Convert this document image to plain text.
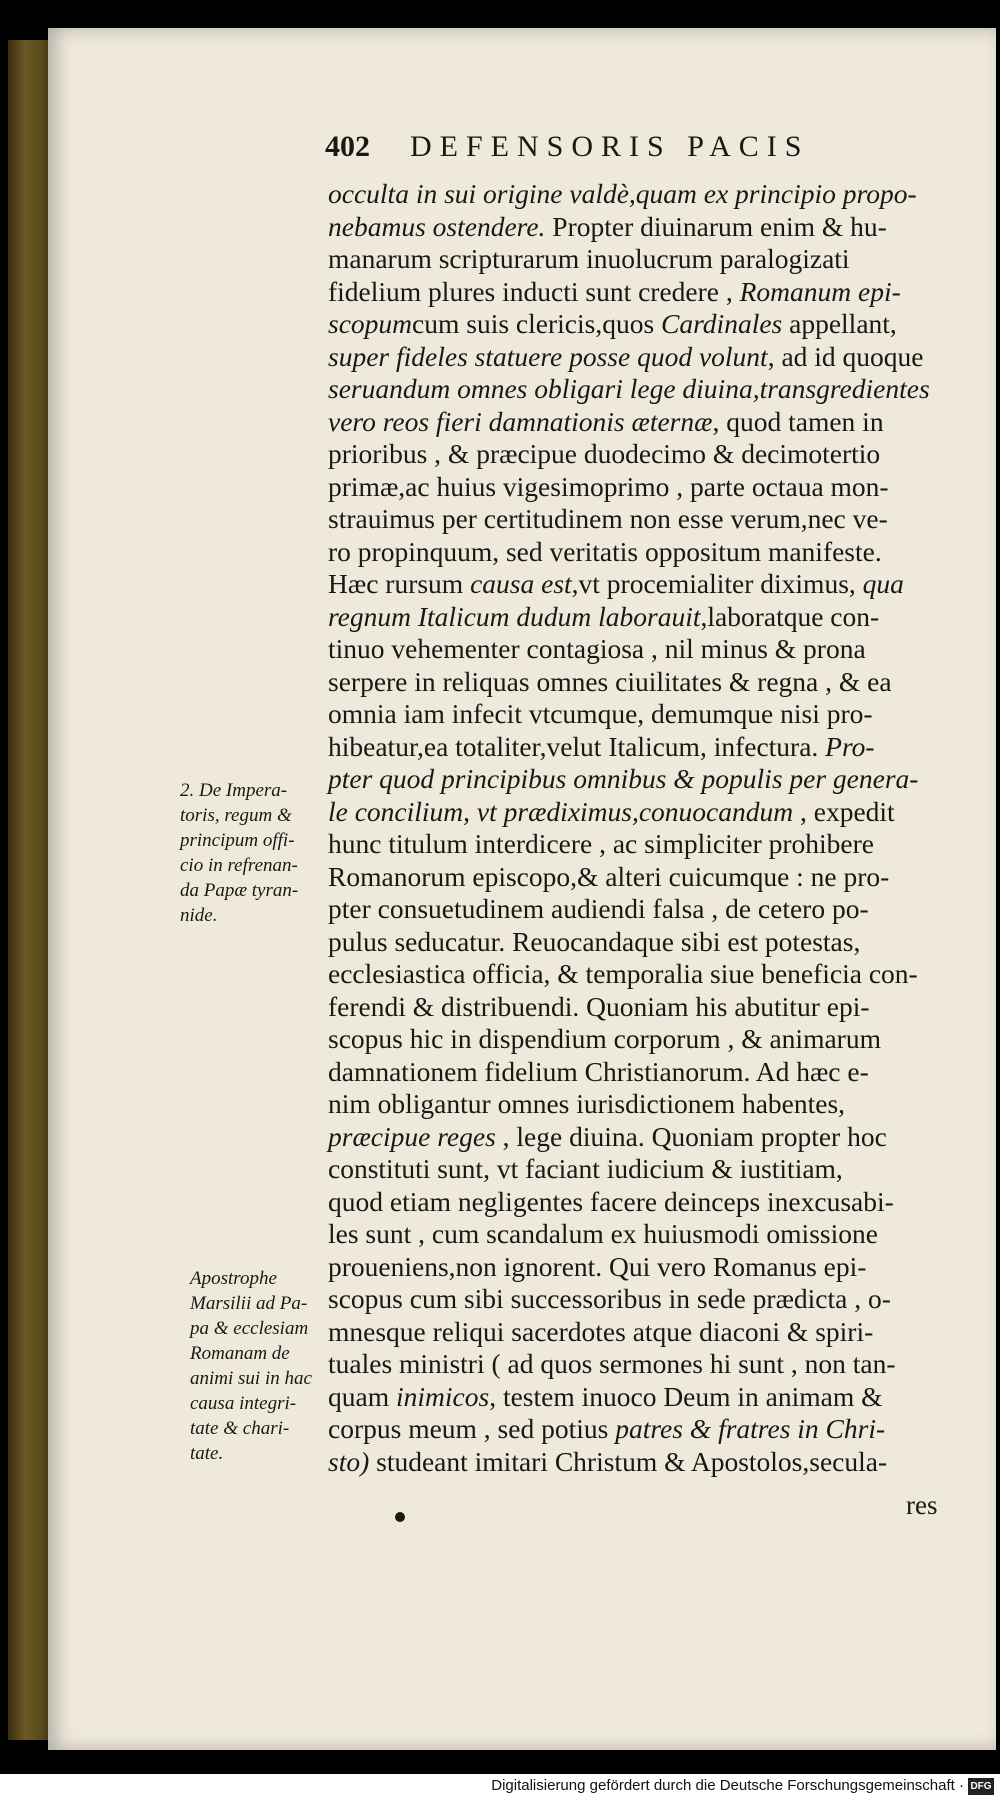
402 DEFENSORIS PACIS
occulta in sui origine valdè,quam ex principio propo-
nebamus ostendere. Propter diuinarum enim & hu-
manarum scripturarum inuolucrum paralogizati
fidelium plures inducti sunt credere , Romanum epi-
scopumcum suis clericis,quos Cardinales appellant,
super fideles statuere posse quod volunt, ad id quoque
seruandum omnes obligari lege diuina,transgredientes
vero reos fieri damnationis æternæ, quod tamen in
prioribus , & præcipue duodecimo & decimotertio
primæ,ac huius vigesimoprimo , parte octaua mon-
strauimus per certitudinem non esse verum,nec ve-
ro propinquum, sed veritatis oppositum manifeste.
Hæc rursum causa est,vt procemialiter diximus, qua
regnum Italicum dudum laborauit,laboratque con-
tinuo vehementer contagiosa , nil minus & prona
serpere in reliquas omnes ciuilitates & regna , & ea
omnia iam infecit vtcumque, demumque nisi pro-
hibeatur,ea totaliter,velut Italicum, infectura. Pro-
pter quod principibus omnibus & populis per genera-
le concilium, vt prædiximus,conuocandum , expedit
hunc titulum interdicere , ac simpliciter prohibere
Romanorum episcopo,& alteri cuicumque : ne pro-
pter consuetudinem audiendi falsa , de cetero po-
pulus seducatur. Reuocandaque sibi est potestas,
ecclesiastica officia, & temporalia siue beneficia con-
ferendi & distribuendi. Quoniam his abutitur epi-
scopus hic in dispendium corporum , & animarum
damnationem fidelium Christianorum. Ad hæc e-
nim obligantur omnes iurisdictionem habentes,
præcipue reges , lege diuina. Quoniam propter hoc
constituti sunt, vt faciant iudicium & iustitiam,
quod etiam negligentes facere deinceps inexcusabi-
les sunt , cum scandalum ex huiusmodi omissione
proueniens,non ignorent. Qui vero Romanus epi-
scopus cum sibi successoribus in sede prædicta , o-
mnesque reliqui sacerdotes atque diaconi & spiri-
tuales ministri ( ad quos sermones hi sunt , non tan-
quam inimicos, testem inuoco Deum in animam &
corpus meum , sed potius patres & fratres in Chri-
sto) studeant imitari Christum & Apostolos,secula-
2. De Impera-
toris, regum &
principum offi-
cio in refrenan-
da Papæ tyran-
nide.
Apostrophe
Marsilii ad Pa-
pa & ecclesiam
Romanam de
animi sui in hac
causa integri-
tate & chari-
tate.
res
Digitalisierung gefördert durch die Deutsche Forschungsgemeinschaft · DFG
